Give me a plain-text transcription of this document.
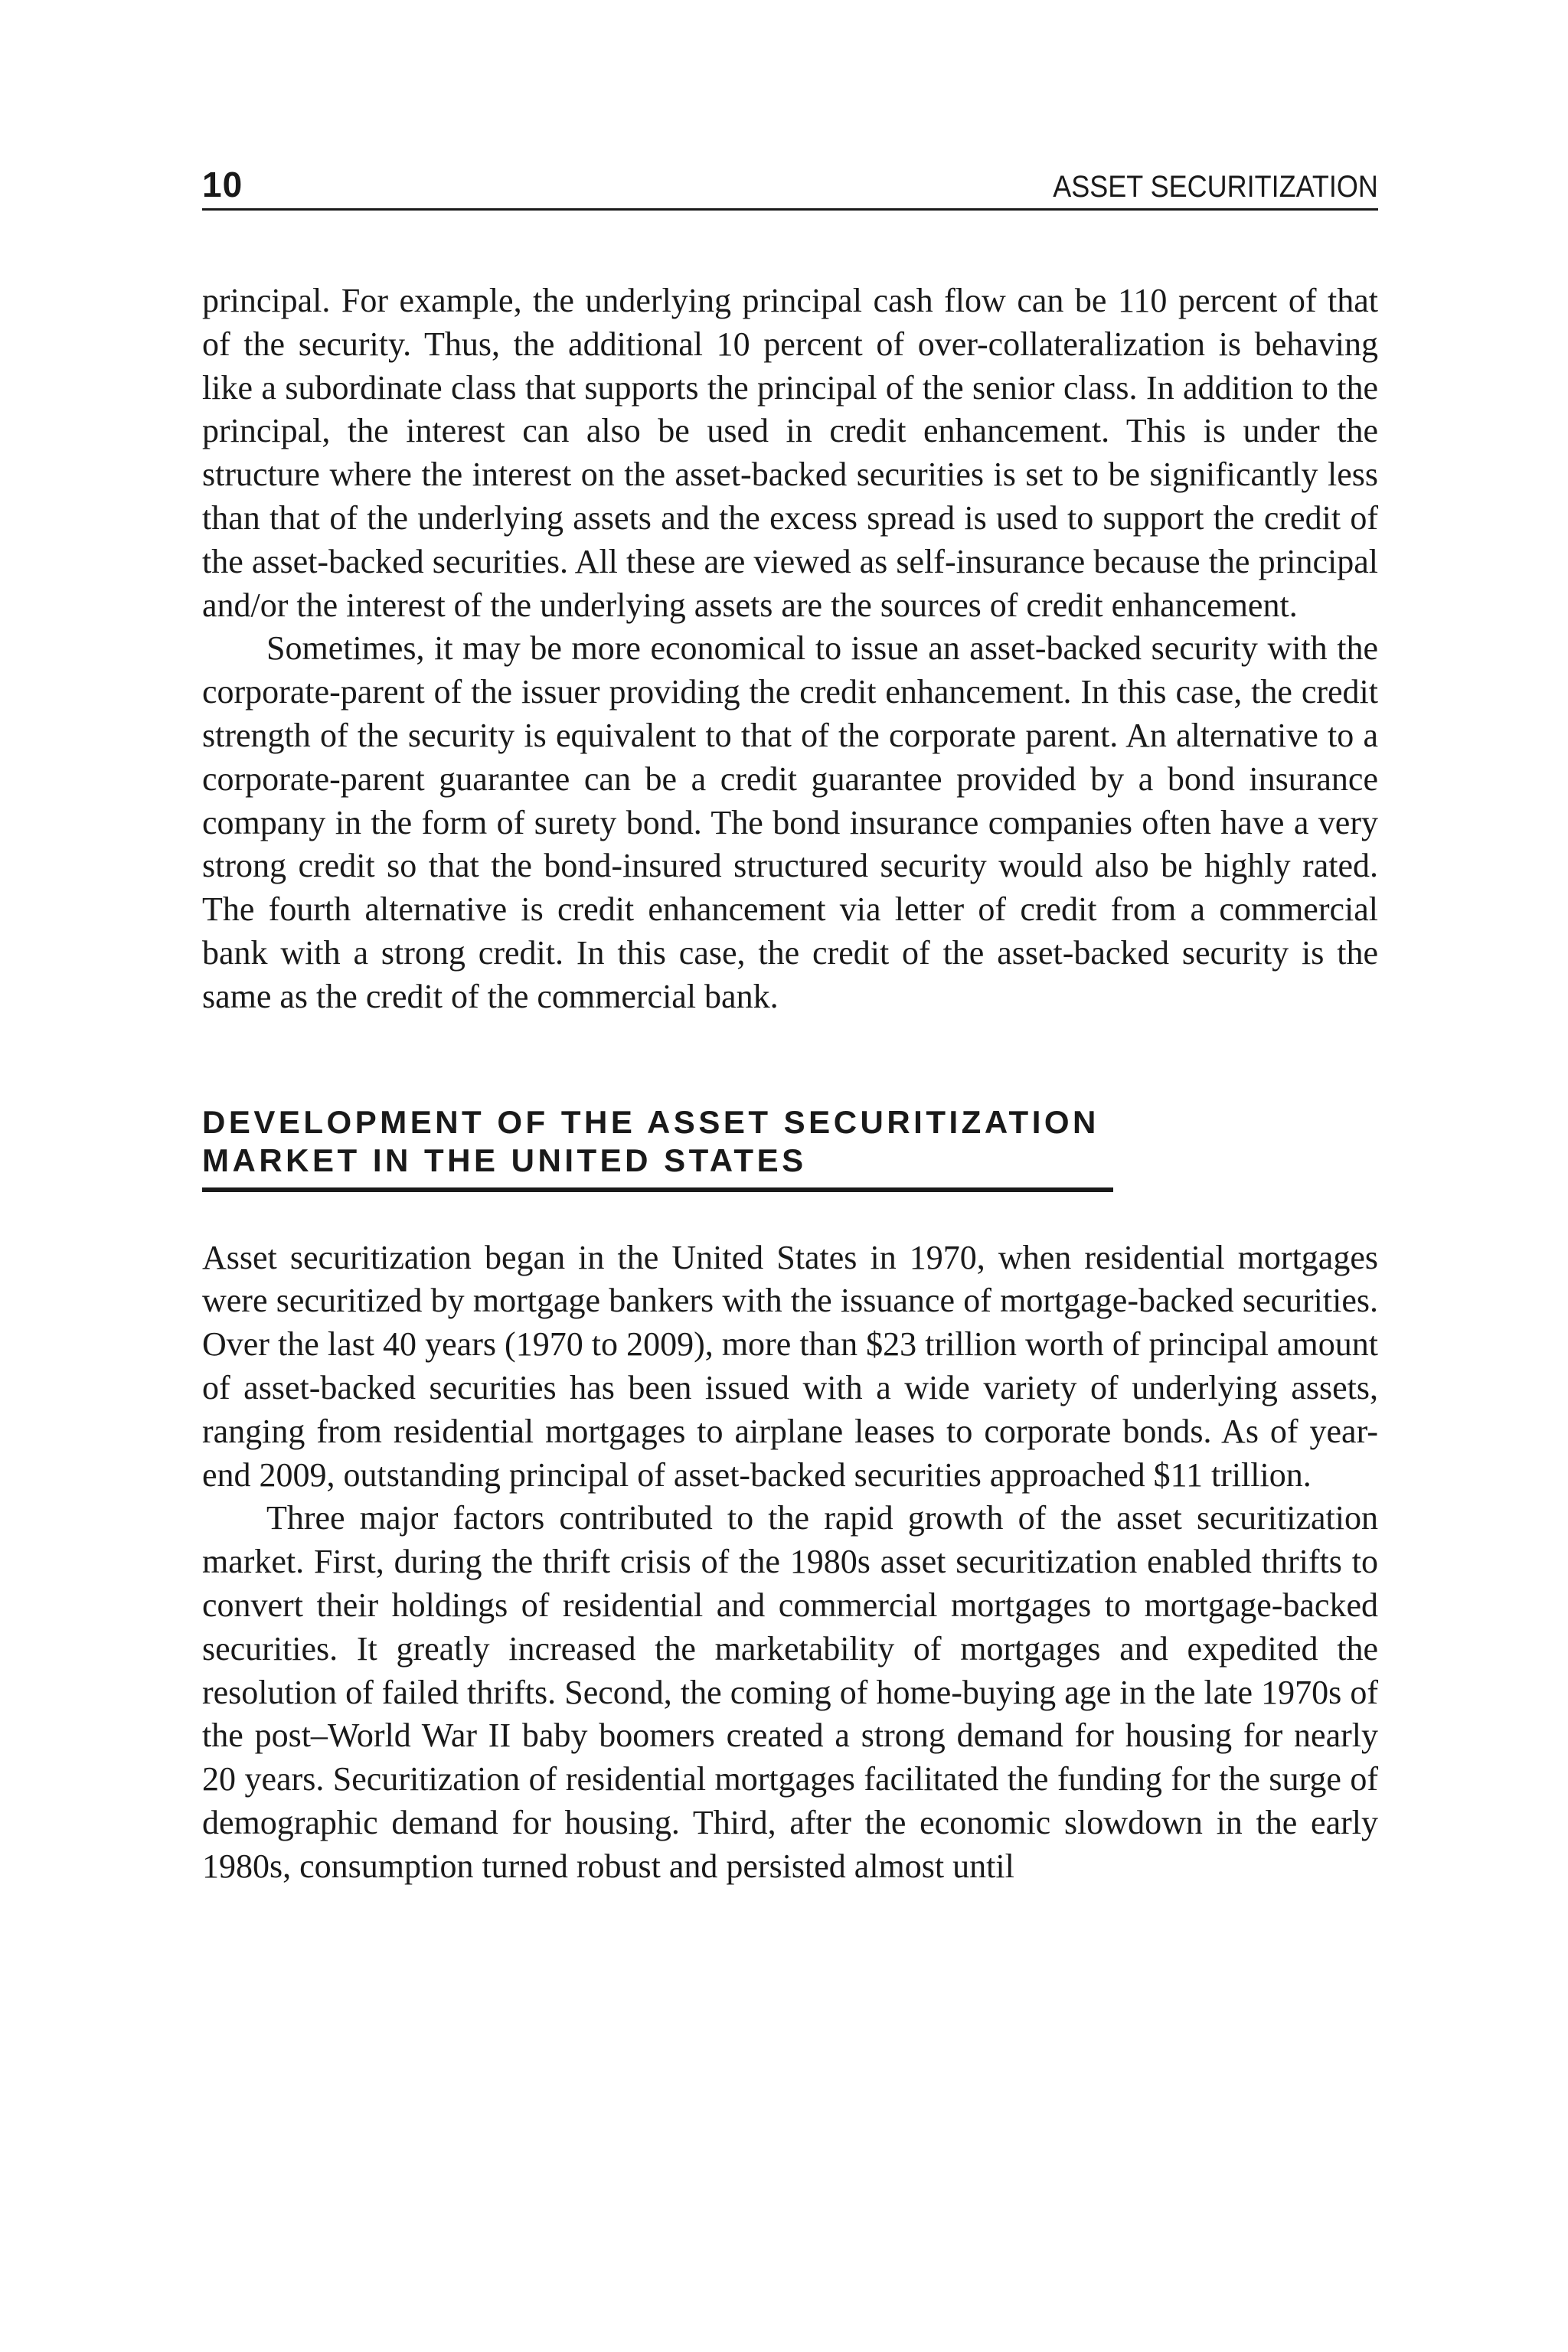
10	ASSET SECURITIZATION

principal. For example, the underlying principal cash flow can be 110 percent of that of the security. Thus, the additional 10 percent of over-collateralization is behaving like a subordinate class that supports the principal of the senior class. In addition to the principal, the interest can also be used in credit enhancement. This is under the structure where the interest on the asset-backed securities is set to be significantly less than that of the underlying assets and the excess spread is used to support the credit of the asset-backed securities. All these are viewed as self-insurance because the principal and/or the interest of the underlying assets are the sources of credit enhancement.

Sometimes, it may be more economical to issue an asset-backed security with the corporate-parent of the issuer providing the credit enhancement. In this case, the credit strength of the security is equivalent to that of the corporate parent. An alternative to a corporate-parent guarantee can be a credit guarantee provided by a bond insurance company in the form of surety bond. The bond insurance companies often have a very strong credit so that the bond-insured structured security would also be highly rated. The fourth alternative is credit enhancement via letter of credit from a commercial bank with a strong credit. In this case, the credit of the asset-backed security is the same as the credit of the commercial bank.

DEVELOPMENT OF THE ASSET SECURITIZATION
MARKET IN THE UNITED STATES

Asset securitization began in the United States in 1970, when residential mortgages were securitized by mortgage bankers with the issuance of mortgage-backed securities. Over the last 40 years (1970 to 2009), more than $23 trillion worth of principal amount of asset-backed securities has been issued with a wide variety of underlying assets, ranging from residential mortgages to airplane leases to corporate bonds. As of year-end 2009, outstanding principal of asset-backed securities approached $11 trillion.

Three major factors contributed to the rapid growth of the asset securitization market. First, during the thrift crisis of the 1980s asset securitization enabled thrifts to convert their holdings of residential and commercial mortgages to mortgage-backed securities. It greatly increased the marketability of mortgages and expedited the resolution of failed thrifts. Second, the coming of home-buying age in the late 1970s of the post–World War II baby boomers created a strong demand for housing for nearly 20 years. Securitization of residential mortgages facilitated the funding for the surge of demographic demand for housing. Third, after the economic slowdown in the early 1980s, consumption turned robust and persisted almost until
